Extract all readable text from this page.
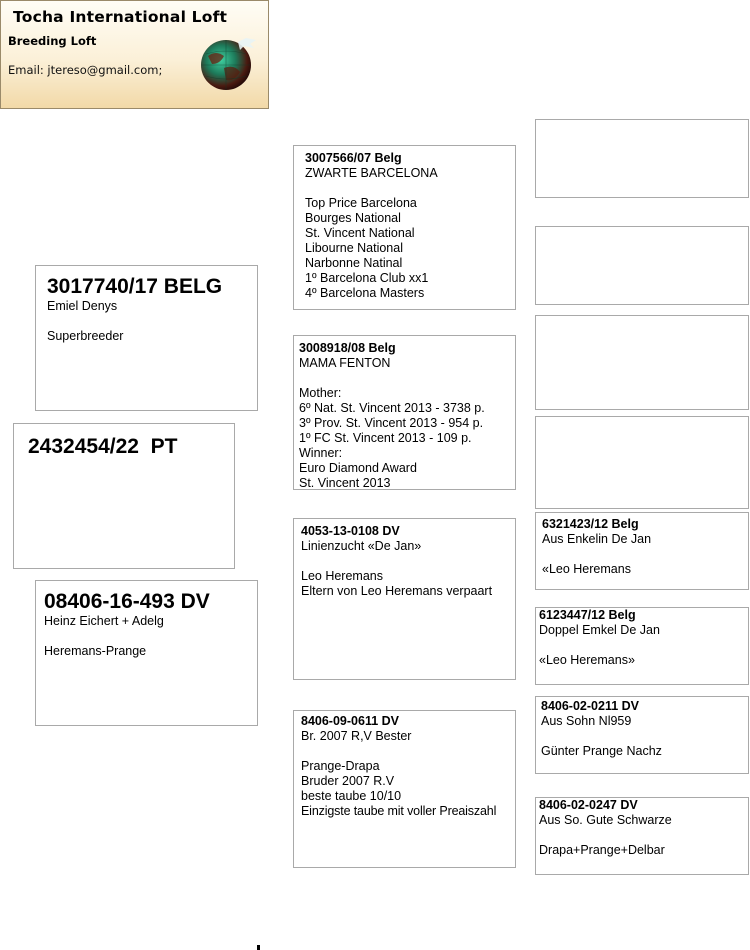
Tocha International Loft
Breeding Loft
Email: jtereso@gmail.com;
2432454/22  PT
3017740/17 BELG
Emiel Denys
Superbreeder
08406-16-493 DV
Heinz Eichert + Adelg
Heremans-Prange
3007566/07 Belg
ZWARTE BARCELONA
Top Price Barcelona
Bourges National
St. Vincent National
Libourne National
Narbonne Natinal
1º Barcelona Club xx1
4º Barcelona Masters
3008918/08 Belg
MAMA FENTON
Mother:
6º Nat. St. Vincent 2013 - 3738 p.
3º Prov. St. Vincent 2013 - 954 p.
1º FC St. Vincent 2013 - 109 p.
Winner:
Euro Diamond Award
St. Vincent 2013
4053-13-0108 DV
Linienzucht «De Jan»
Leo Heremans
Eltern von Leo Heremans verpaart
8406-09-0611 DV
Br. 2007 R,V Bester
Prange-Drapa
Bruder 2007 R.V
beste taube 10/10
Einzigste taube mit voller Preaiszahl
6321423/12 Belg
Aus Enkelin De Jan
«Leo Heremans
6123447/12 Belg
Doppel Emkel De Jan
«Leo Heremans»
8406-02-0211 DV
Aus Sohn Nl959
Günter Prange Nachz
8406-02-0247 DV
Aus So. Gute Schwarze
Drapa+Prange+Delbar
